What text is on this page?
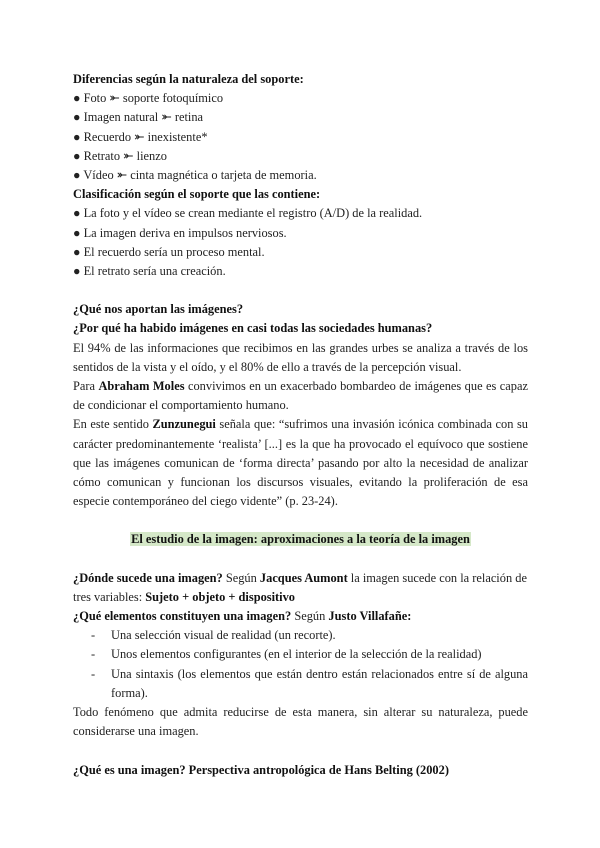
Diferencias según la naturaleza del soporte:

● Foto ⤜ soporte fotoquímico

● Imagen natural ⤜ retina

● Recuerdo ⤜ inexistente*

● Retrato ⤜ lienzo

● Vídeo ⤜ cinta magnética o tarjeta de memoria.

Clasificación según el soporte que las contiene:

● La foto y el vídeo se crean mediante el registro (A/D) de la realidad.

● La imagen deriva en impulsos nerviosos.

● El recuerdo sería un proceso mental.

● El retrato sería una creación.

¿Qué nos aportan las imágenes?

¿Por qué ha habido imágenes en casi todas las sociedades humanas?

El 94% de las informaciones que recibimos en las grandes urbes se analiza a través de los sentidos de la vista y el oído, y el 80% de ello a través de la percepción visual.

Para Abraham Moles convivimos en un exacerbado bombardeo de imágenes que es capaz de condicionar el comportamiento humano.

En este sentido Zunzunegui señala que: “sufrimos una invasión icónica combinada con su carácter predominantemente ‘realista’ [...] es la que ha provocado el equívoco que sostiene que las imágenes comunican de ‘forma directa’ pasando por alto la necesidad de analizar cómo comunican y funcionan los discursos visuales, evitando la proliferación de esa especie contemporáneo del ciego vidente” (p. 23-24).

El estudio de la imagen: aproximaciones a la teoría de la imagen

¿Dónde sucede una imagen? Según Jacques Aumont la imagen sucede con la relación de tres variables: Sujeto + objeto + dispositivo

¿Qué elementos constituyen una imagen? Según Justo Villafañe:

- Una selección visual de realidad (un recorte).

- Unos elementos configurantes (en el interior de la selección de la realidad)

- Una sintaxis (los elementos que están dentro están relacionados entre sí de alguna forma).

Todo fenómeno que admita reducirse de esta manera, sin alterar su naturaleza, puede considerarse una imagen.

¿Qué es una imagen? Perspectiva antropológica de Hans Belting (2002)
